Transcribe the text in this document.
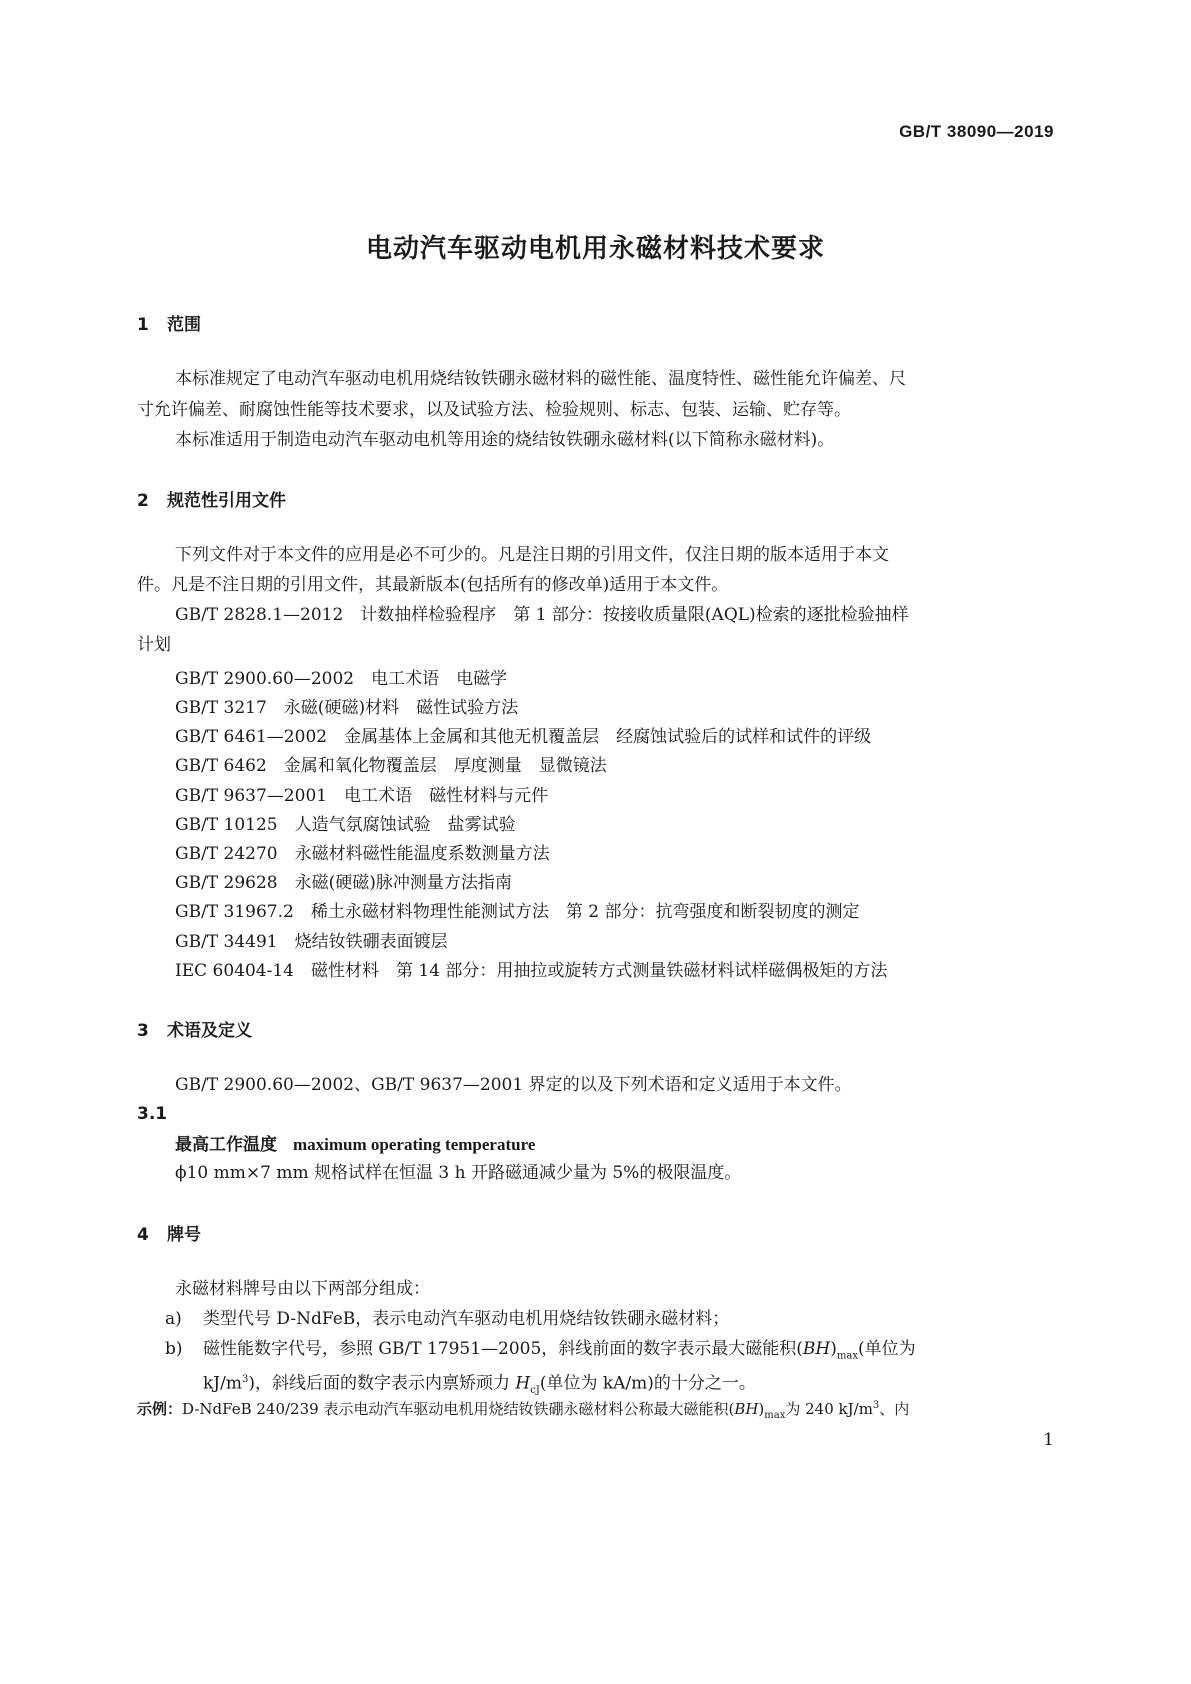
GB/T 38090—2019
电动汽车驱动电机用永磁材料技术要求
1 范围
本标准规定了电动汽车驱动电机用烧结钕铁硼永磁材料的磁性能、温度特性、磁性能允许偏差、尺
寸允许偏差、耐腐蚀性能等技术要求，以及试验方法、检验规则、标志、包装、运输、贮存等。
本标准适用于制造电动汽车驱动电机等用途的烧结钕铁硼永磁材料(以下简称永磁材料)。
2 规范性引用文件
下列文件对于本文件的应用是必不可少的。凡是注日期的引用文件，仅注日期的版本适用于本文
件。凡是不注日期的引用文件，其最新版本(包括所有的修改单)适用于本文件。
GB/T 2828.1—2012　计数抽样检验程序　第 1 部分：按接收质量限(AQL)检索的逐批检验抽样
计划
GB/T 2900.60—2002　电工术语　电磁学
GB/T 3217　永磁(硬磁)材料　磁性试验方法
GB/T 6461—2002　金属基体上金属和其他无机覆盖层　经腐蚀试验后的试样和试件的评级
GB/T 6462　金属和氧化物覆盖层　厚度测量　显微镜法
GB/T 9637—2001　电工术语　磁性材料与元件
GB/T 10125　人造气氛腐蚀试验　盐雾试验
GB/T 24270　永磁材料磁性能温度系数测量方法
GB/T 29628　永磁(硬磁)脉冲测量方法指南
GB/T 31967.2　稀土永磁材料物理性能测试方法　第 2 部分：抗弯强度和断裂韧度的测定
GB/T 34491　烧结钕铁硼表面镀层
IEC 60404-14　磁性材料　第 14 部分：用抽拉或旋转方式测量铁磁材料试样磁偶极矩的方法
3 术语及定义
GB/T 2900.60—2002、GB/T 9637—2001 界定的以及下列术语和定义适用于本文件。
3.1
最高工作温度 maximum operating temperature
ϕ10 mm×7 mm 规格试样在恒温 3 h 开路磁通减少量为 5%的极限温度。
4 牌号
永磁材料牌号由以下两部分组成：
a) 类型代号 D-NdFeB，表示电动汽车驱动电机用烧结钕铁硼永磁材料；
b) 磁性能数字代号，参照 GB/T 17951—2005，斜线前面的数字表示最大磁能积$(BH)_{max}$(单位为
$kJ/m^3$)，斜线后面的数字表示内禀矫顽力 $H_{cJ}$(单位为 kA/m)的十分之一。
示例：D-NdFeB 240/239 表示电动汽车驱动电机用烧结钕铁硼永磁材料公称最大磁能积$(BH)_{max}$为 240 $kJ/m^3$、内
1
